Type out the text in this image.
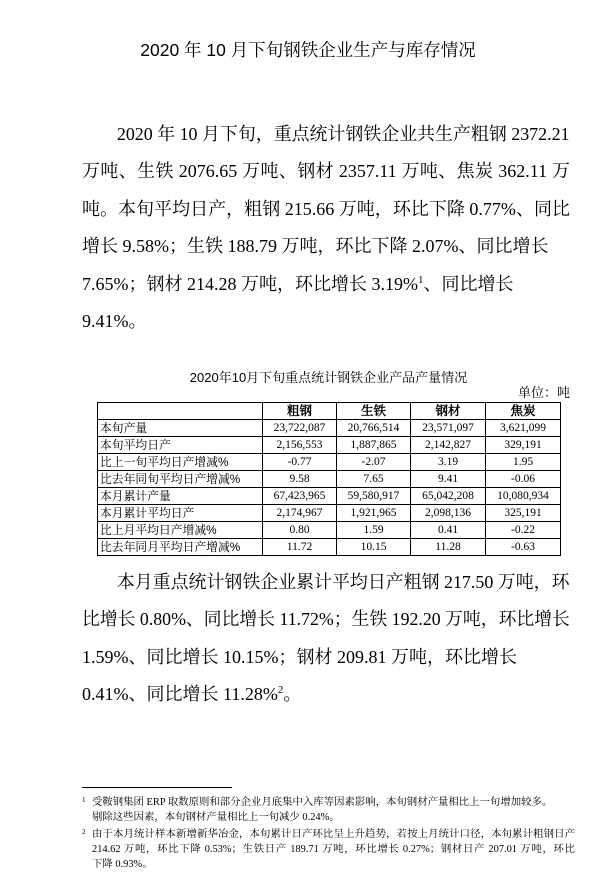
2020 年 10 月下旬钢铁企业生产与库存情况
2020 年 10 月下旬，重点统计钢铁企业共生产粗钢 2372.21
万吨、生铁 2076.65 万吨、钢材 2357.11 万吨、焦炭 362.11 万
吨。本旬平均日产，粗钢 215.66 万吨，环比下降 0.77%、同比
增长 9.58%；生铁 188.79 万吨，环比下降 2.07%、同比增长
7.65%；钢材 214.28 万吨，环比增长 3.19%$^1$、同比增长
9.41%。
2020年10月下旬重点统计钢铁企业产品产量情况
单位：吨
	粗钢	生铁	钢材	焦炭
本旬产量	23,722,087	20,766,514	23,571,097	3,621,099
本旬平均日产	2,156,553	1,887,865	2,142,827	329,191
比上一旬平均日产增减%	-0.77	-2.07	3.19	1.95
比去年同旬平均日产增减%	9.58	7.65	9.41	-0.06
本月累计产量	67,423,965	59,580,917	65,042,208	10,080,934
本月累计平均日产	2,174,967	1,921,965	2,098,136	325,191
比上月平均日产增减%	0.80	1.59	0.41	-0.22
比去年同月平均日产增减%	11.72	10.15	11.28	-0.63
本月重点统计钢铁企业累计平均日产粗钢 217.50 万吨，环
比增长 0.80%、同比增长 11.72%；生铁 192.20 万吨，环比增长
1.59%、同比增长 10.15%；钢材 209.81 万吨，环比增长
0.41%、同比增长 11.28%$^2$。
1 受鞍钢集团 ERP 取数原则和部分企业月底集中入库等因素影响，本旬钢材产量相比上一旬增加较多。
剔除这些因素，本旬钢材产量相比上一旬减少 0.24%。
2 由于本月统计样本新增新华冶金，本旬累计日产环比呈上升趋势，若按上月统计口径，本旬累计粗钢日产
214.62 万吨，环比下降 0.53%；生铁日产 189.71 万吨，环比增长 0.27%；钢材日产 207.01 万吨，环比
下降 0.93%。
